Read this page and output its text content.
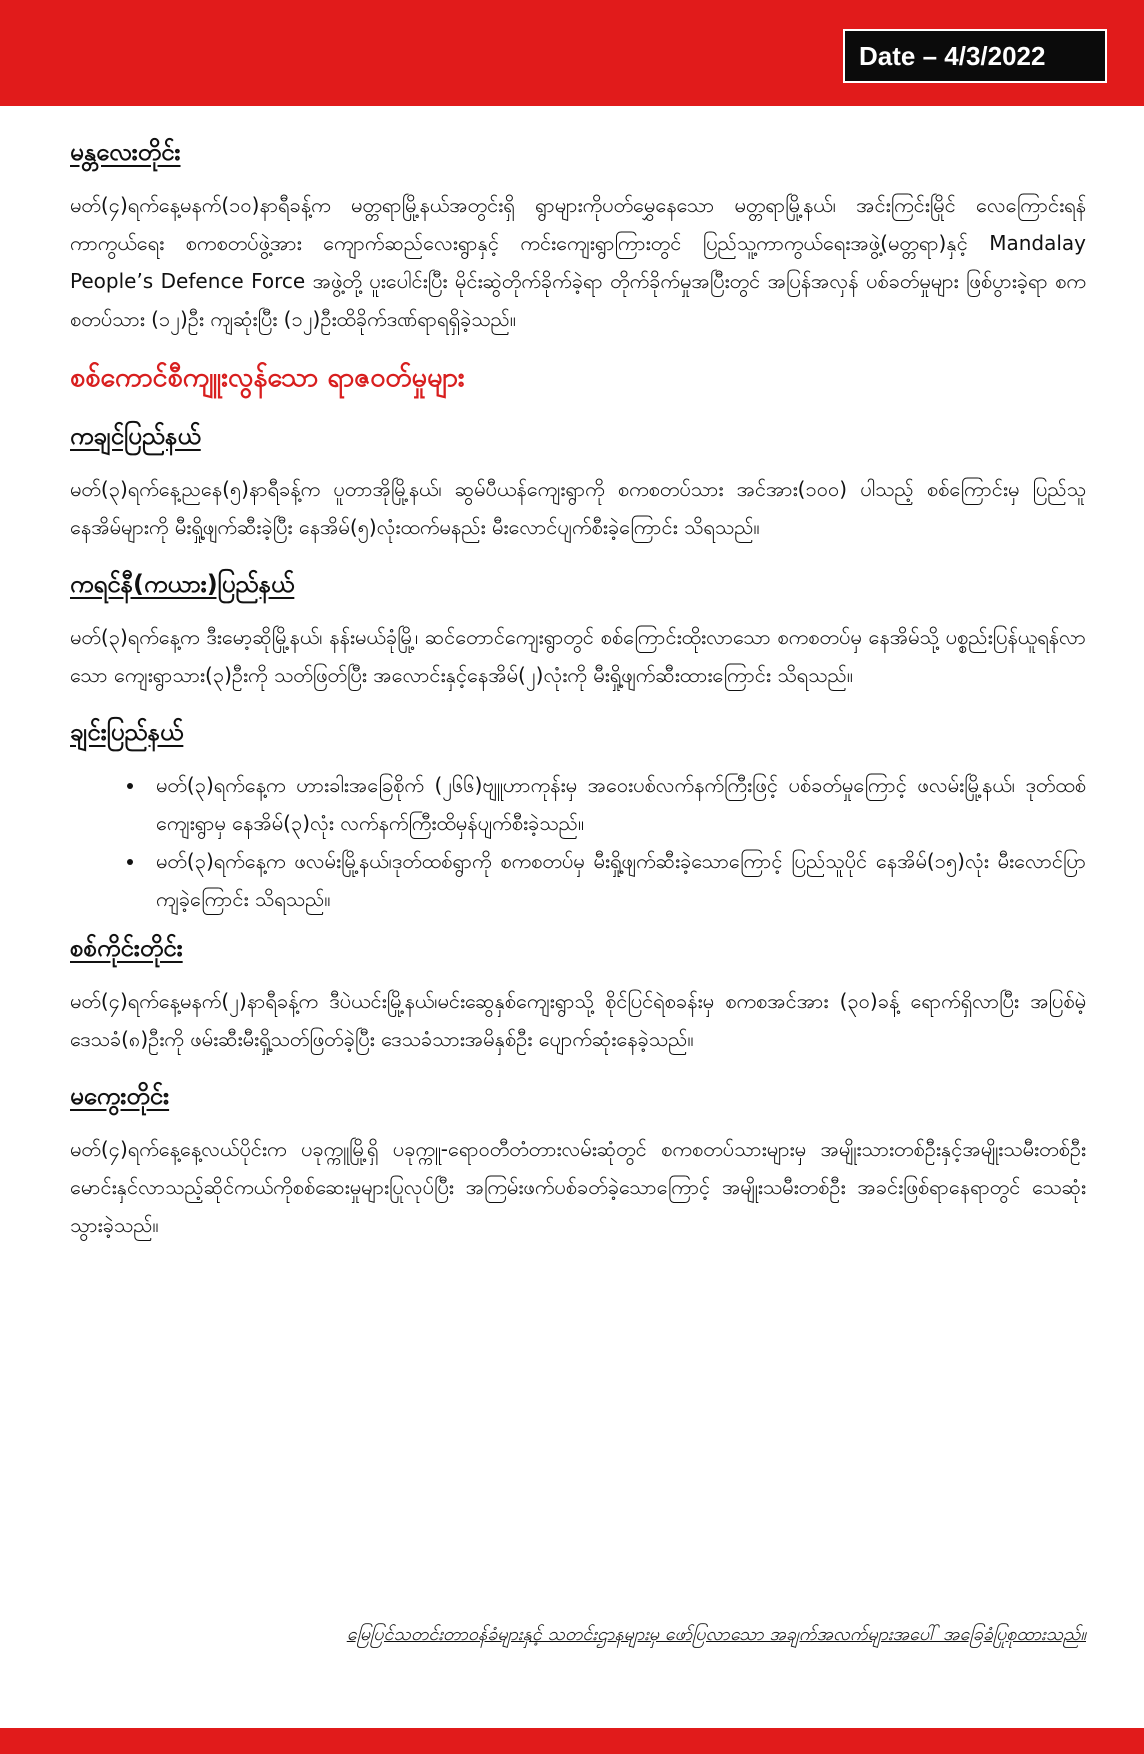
Date – 4/3/2022
မန္တလေးတိုင်း

မတ်(၄)ရက်နေ့မနက်(၁၀)နာရီခန့်က မတ္တရာမြို့နယ်အတွင်းရှိ ရွာများကိုပတ်မွှေနေသော မတ္တရာမြို့နယ်၊ အင်းကြင်းမြိုင် လေကြောင်းရန်ကာကွယ်ရေး စကစတပ်ဖွဲ့အား ကျောက်ဆည်လေးရွာနှင့် ကင်းကျေးရွာကြားတွင် ပြည်သူ့ကာကွယ်ရေးအဖွဲ့(မတ္တရာ)နှင့် Mandalay People’s Defence Force အဖွဲ့တို့ ပူးပေါင်းပြီး မိုင်းဆွဲတိုက်ခိုက်ခဲ့ရာ တိုက်ခိုက်မှုအပြီးတွင် အပြန်အလှန် ပစ်ခတ်မှုများ ဖြစ်ပွားခဲ့ရာ စကစတပ်သား (၁၂)ဦး ကျဆုံးပြီး (၁၂)ဦးထိခိုက်ဒဏ်ရာရရှိခဲ့သည်။

စစ်ကောင်စီကျူးလွန်သော ရာဇဝတ်မှုများ
ကချင်ပြည်နယ်

မတ်(၃)ရက်နေ့ညနေ(၅)နာရီခန့်က ပူတာအိုမြို့နယ်၊ ဆွမ်ပီယန်ကျေးရွာကို စကစတပ်သား အင်အား(၁၀၀) ပါသည့် စစ်ကြောင်းမှ ပြည်သူနေအိမ်များကို မီးရှို့ဖျက်ဆီးခဲ့ပြီး နေအိမ်(၅)လုံးထက်မနည်း မီးလောင်ပျက်စီးခဲ့ကြောင်း သိရသည်။

ကရင်နီ(ကယား)ပြည်နယ်

မတ်(၃)ရက်နေ့က ဒီးမော့ဆိုမြို့နယ်၊ နန်းမယ်ခုံမြို့၊ ဆင်တောင်ကျေးရွာတွင် စစ်ကြောင်းထိုးလာသော စကစတပ်မှ နေအိမ်သို့ ပစ္စည်းပြန်ယူရန်လာသော ကျေးရွာသား(၃)ဦးကို သတ်ဖြတ်ပြီး အလောင်းနှင့်နေအိမ်(၂)လုံးကို မီးရှို့ဖျက်ဆီးထားကြောင်း သိရသည်။

ချင်းပြည်နယ်
• မတ်(၃)ရက်နေ့က ဟားခါးအခြေစိုက် (၂၆၆)ဗျူဟာကုန်းမှ အဝေးပစ်လက်နက်ကြီးဖြင့် ပစ်ခတ်မှုကြောင့် ဖလမ်းမြို့နယ်၊ ဒုတ်ထစ်ကျေးရွာမှ နေအိမ်(၃)လုံး လက်နက်ကြီးထိမှန်ပျက်စီးခဲ့သည်။
• မတ်(၃)ရက်နေ့က ဖလမ်းမြို့နယ်၊ဒုတ်ထစ်ရွာကို စကစတပ်မှ မီးရှို့ဖျက်ဆီးခဲ့သောကြောင့် ပြည်သူပိုင် နေအိမ်(၁၅)လုံး မီးလောင်ပြာကျခဲ့ကြောင်း သိရသည်။
စစ်ကိုင်းတိုင်း

မတ်(၄)ရက်နေ့မနက်(၂)နာရီခန့်က ဒီပဲယင်းမြို့နယ်၊မင်းဆွေနှစ်ကျေးရွာသို့ စိုင်ပြင်ရဲစခန်းမှ စကစအင်အား (၃၀)ခန့် ရောက်ရှိလာပြီး အပြစ်မဲ့ဒေသခံ(၈)ဦးကို ဖမ်းဆီးမီးရှို့သတ်ဖြတ်ခဲ့ပြီး ဒေသခံသားအမိနှစ်ဦး ပျောက်ဆုံးနေခဲ့သည်။

မကွေးတိုင်း

မတ်(၄)ရက်နေ့နေ့လယ်ပိုင်းက ပခုက္ကူမြို့ရှိ ပခုက္ကူ-ရောဝတီတံတားလမ်းဆုံတွင် စကစတပ်သားများမှ အမျိုးသားတစ်ဦးနှင့်အမျိုးသမီးတစ်ဦးမောင်းနှင်လာသည့်ဆိုင်ကယ်ကိုစစ်ဆေးမှုများပြုလုပ်ပြီး အကြမ်းဖက်ပစ်ခတ်ခဲ့သောကြောင့် အမျိုးသမီးတစ်ဦး အခင်းဖြစ်ရာနေရာတွင် သေဆုံးသွားခဲ့သည်။

မြေပြင်သတင်းတာဝန်ခံများနှင့် သတင်းဌာနများမှ ဖော်ပြလာသော အချက်အလက်များအပေါ် အခြေခံပြုစုထားသည်။
